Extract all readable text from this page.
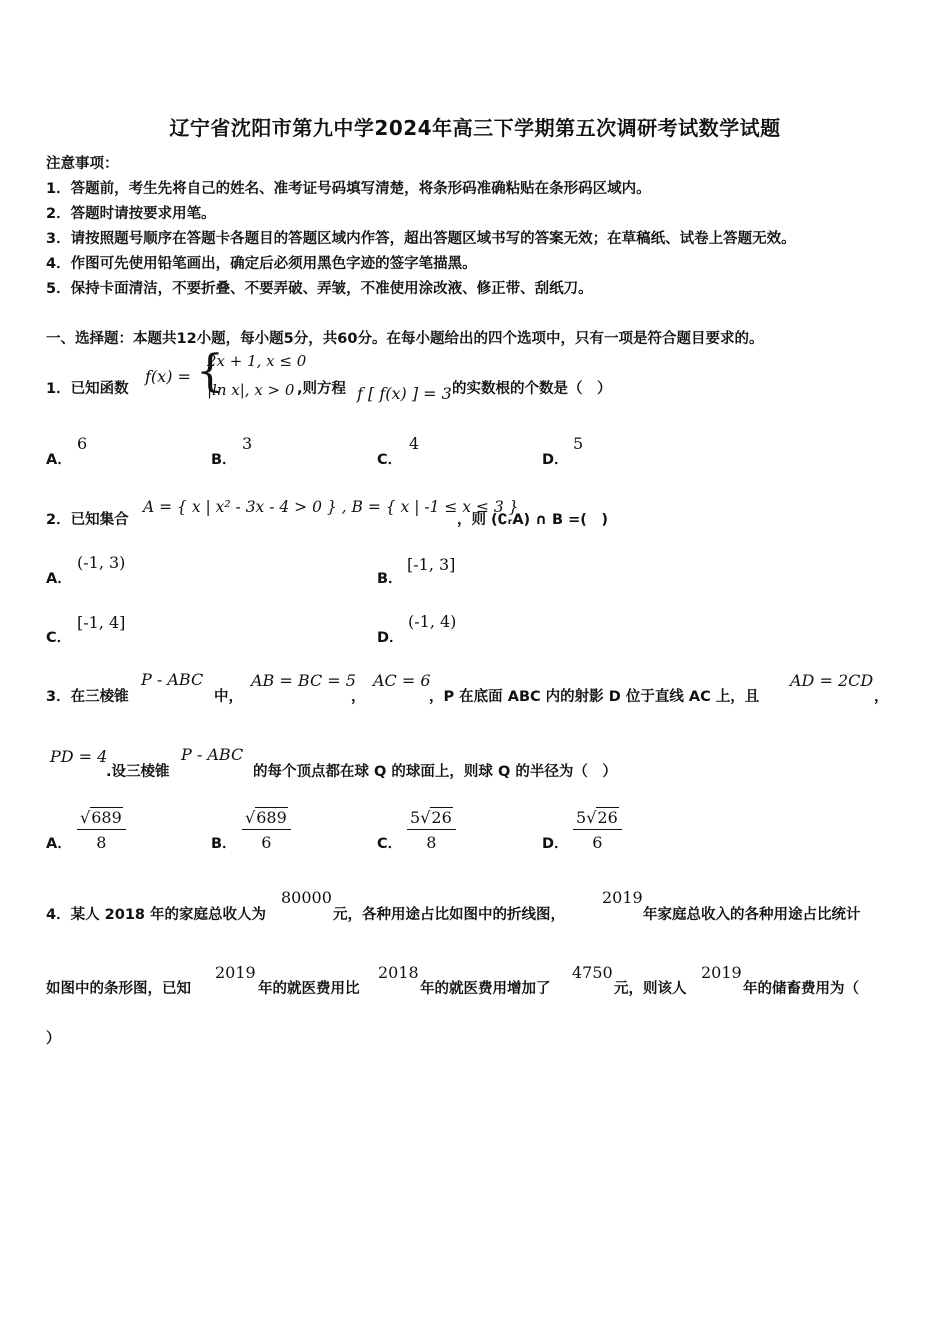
辽宁省沈阳市第九中学2024年高三下学期第五次调研考试数学试题
注意事项：
1．答题前，考生先将自己的姓名、准考证号码填写清楚，将条形码准确粘贴在条形码区域内。
2．答题时请按要求用笔。
3．请按照题号顺序在答题卡各题目的答题区域内作答，超出答题区域书写的答案无效；在草稿纸、试卷上答题无效。
4．作图可先使用铅笔画出，确定后必须用黑色字迹的签字笔描黑。
5．保持卡面清洁，不要折叠、不要弄破、弄皱，不准使用涂改液、修正带、刮纸刀。
一、选择题：本题共12小题，每小题5分，共60分。在每小题给出的四个选项中，只有一项是符合题目要求的。
1．已知函数
f(x) = {
2x + 1, x ≤ 0
|ln x|, x > 0 ,则方程 f [ f(x) ] = 3 的实数根的个数是（　）
A．
6
B．
3
C．
4
D．
5
2．已知集合
A = { x | x² - 3x - 4 > 0 } , B = { x | -1 ≤ x ≤ 3 }
，则 (∁ᵣA) ∩ B =(　)
A．
(-1, 3)
B．
[-1, 3]
C．
[-1, 4]
D．
(-1, 4)
3．在三棱锥
P - ABC
中，
AB = BC = 5
，
AC = 6
，P 在底面 ABC 内的射影 D 位于直线 AC 上，且
AD = 2CD
，
PD = 4
.设三棱锥
P - ABC
的每个顶点都在球 Q 的球面上，则球 Q 的半径为（　）
A． $\frac{√689}{8}$	B． $\frac{√689}{6}$	C． $\frac{5√26}{8}$	D． $\frac{5√26}{6}$
4．某人 2018 年的家庭总收人为
80000
元，各种用途占比如图中的折线图，
2019
年家庭总收入的各种用途占比统计
如图中的条形图，已知
2019
年的就医费用比
2018
年的就医费用增加了
4750
元，则该人
2019
年的储畜费用为（
）
